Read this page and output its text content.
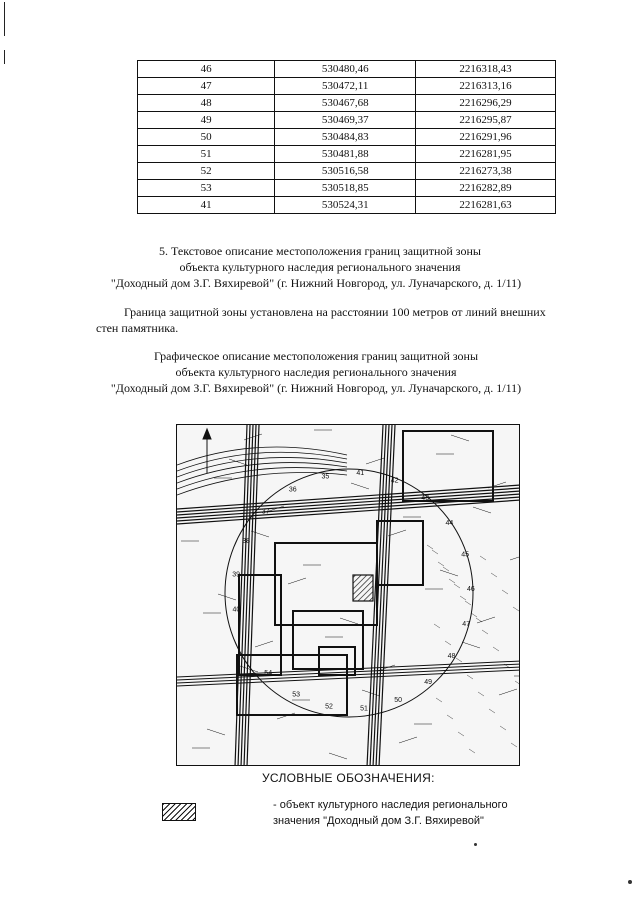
46	530480,46	2216318,43
47	530472,11	2216313,16
48	530467,68	2216296,29
49	530469,37	2216295,87
50	530484,83	2216291,96
51	530481,88	2216281,95
52	530516,58	2216273,38
53	530518,85	2216282,89
41	530524,31	2216281,63
5. Текстовое описание местоположения границ защитной зоны
объекта культурного наследия регионального значения
"Доходный дом З.Г. Вяхиревой" (г. Нижний Новгород, ул. Луначарского, д. 1/11)
Граница защитной зоны установлена на расстоянии 100 метров от линий внешних
стен памятника.
Графическое описание местоположения границ защитной зоны
объекта культурного наследия регионального значения
"Доходный дом З.Г. Вяхиревой" (г. Нижний Новгород, ул. Луначарского, д. 1/11)
40
39
38
37
36
35	41
42
43
44
45
46
47
48
49
50
51
52
53
54
УСЛОВНЫЕ ОБОЗНАЧЕНИЯ:
- объект культурного наследия регионального
значения "Доходный дом З.Г. Вяхиревой"
